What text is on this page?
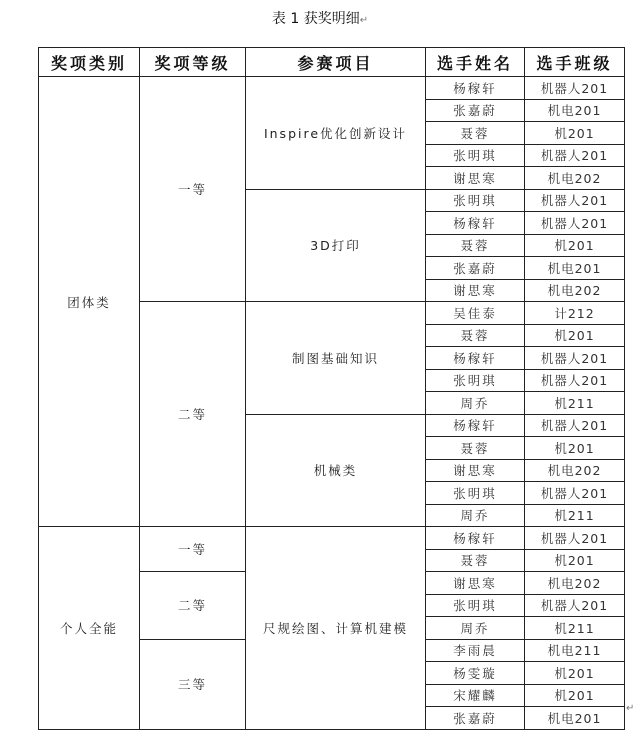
表 1 获奖明细↵
奖项类别	奖项等级	参赛项目	选手姓名	选手班级
团体类	一等	Inspire优化创新设计	杨稼轩	机器人201
			张嘉蔚	机电201
			聂蓉	机201
			张明琪	机器人201
			谢思寒	机电202
		3D打印	张明琪	机器人201
			杨稼轩	机器人201
			聂蓉	机201
			张嘉蔚	机电201
			谢思寒	机电202
	二等	制图基础知识	吴佳泰	计212
			聂蓉	机201
			杨稼轩	机器人201
			张明琪	机器人201
			周乔	机211
		机械类	杨稼轩	机器人201
			聂蓉	机201
			谢思寒	机电202
			张明琪	机器人201
			周乔	机211
个人全能	一等	尺规绘图、计算机建模	杨稼轩	机器人201
			聂蓉	机201
	二等		谢思寒	机电202
			张明琪	机器人201
			周乔	机211
	三等		李雨晨	机电211
			杨雯璇	机201
			宋耀麟	机201
			张嘉蔚	机电201
↵
